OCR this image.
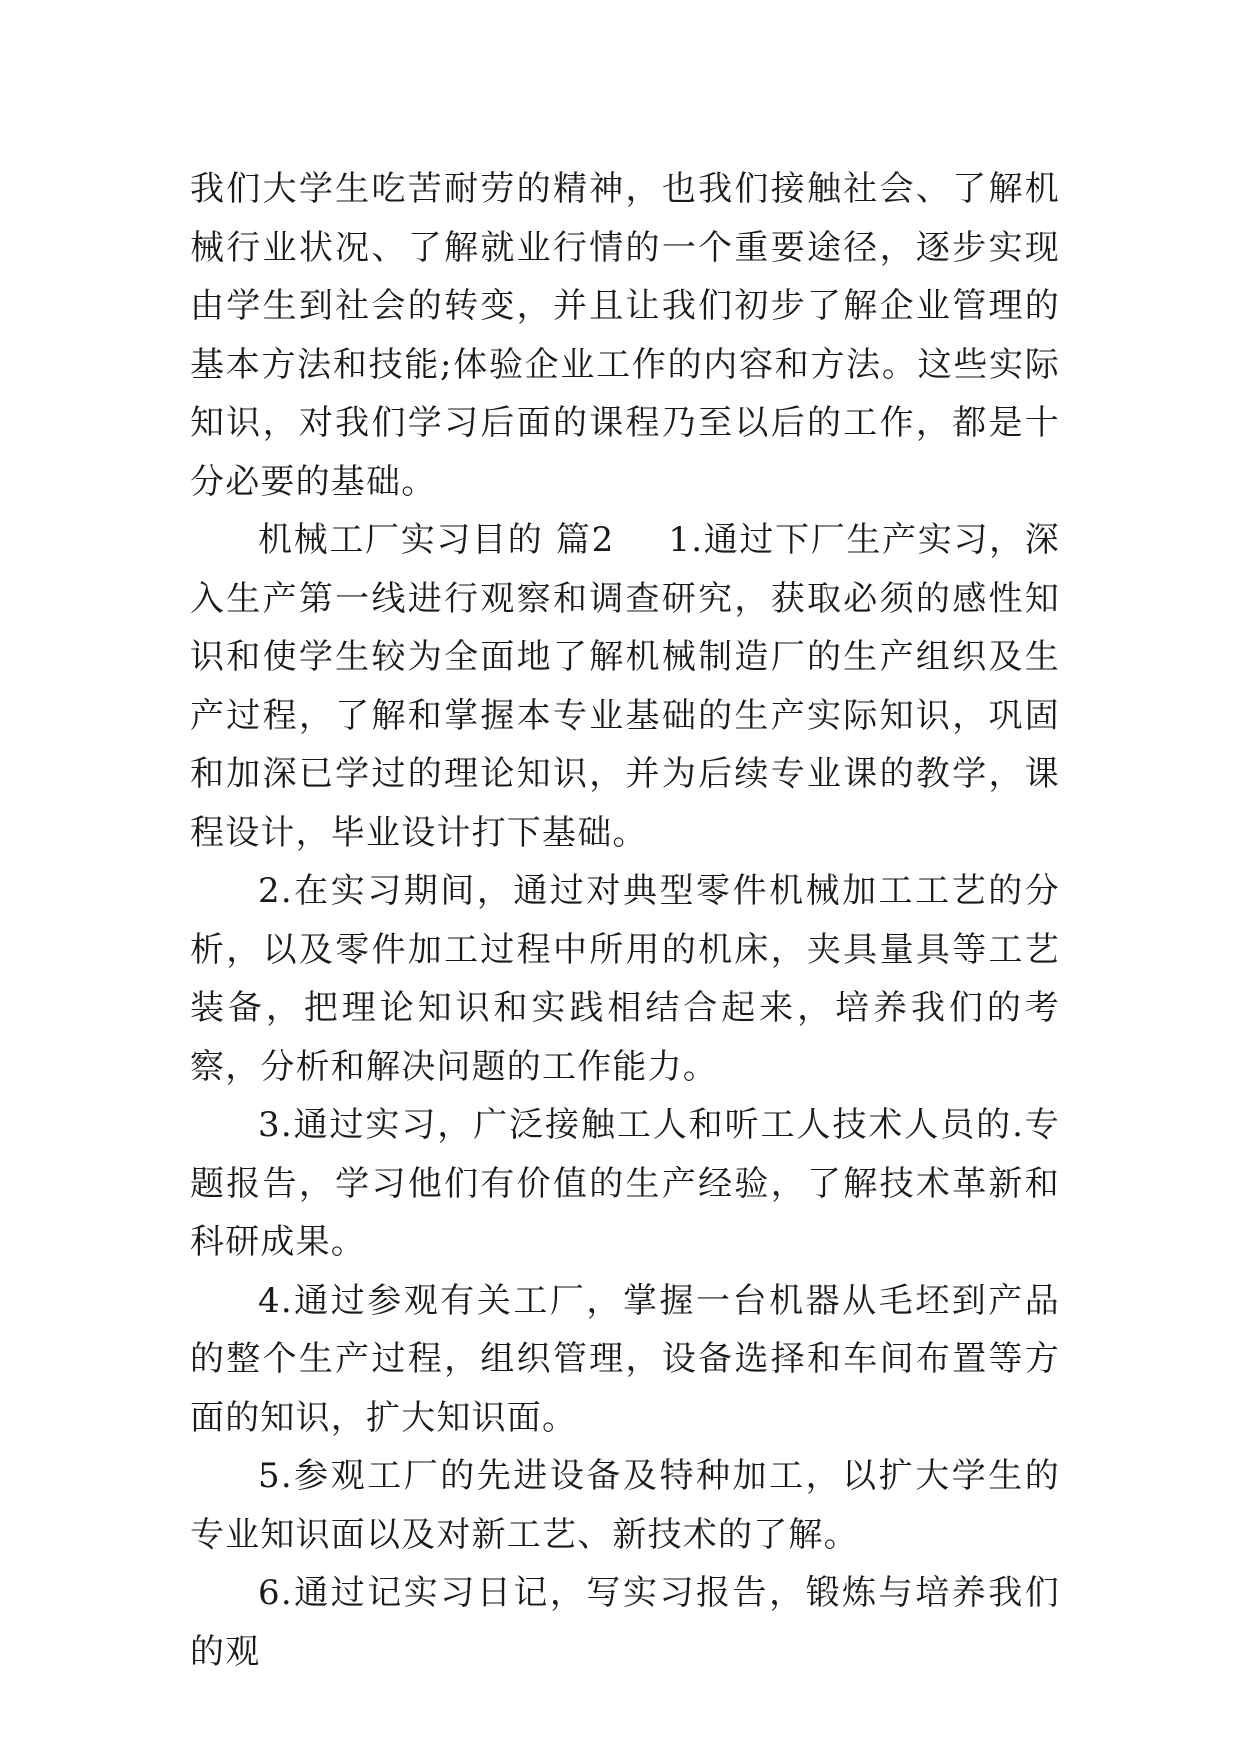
我们大学生吃苦耐劳的精神，也我们接触社会、了解机械行业状况、了解就业行情的一个重要途径，逐步实现由学生到社会的转变，并且让我们初步了解企业管理的基本方法和技能;体验企业工作的内容和方法。这些实际知识，对我们学习后面的课程乃至以后的工作，都是十分必要的基础。

机械工厂实习目的 篇2 1.通过下厂生产实习，深入生产第一线进行观察和调查研究，获取必须的感性知识和使学生较为全面地了解机械制造厂的生产组织及生产过程，了解和掌握本专业基础的生产实际知识，巩固和加深已学过的理论知识，并为后续专业课的教学，课程设计，毕业设计打下基础。

2.在实习期间，通过对典型零件机械加工工艺的分析，以及零件加工过程中所用的机床，夹具量具等工艺装备，把理论知识和实践相结合起来，培养我们的考察，分析和解决问题的工作能力。

3.通过实习，广泛接触工人和听工人技术人员的.专题报告，学习他们有价值的生产经验，了解技术革新和科研成果。

4.通过参观有关工厂，掌握一台机器从毛坯到产品的整个生产过程，组织管理，设备选择和车间布置等方面的知识，扩大知识面。

5.参观工厂的先进设备及特种加工，以扩大学生的专业知识面以及对新工艺、新技术的了解。

6.通过记实习日记，写实习报告，锻炼与培养我们的观
